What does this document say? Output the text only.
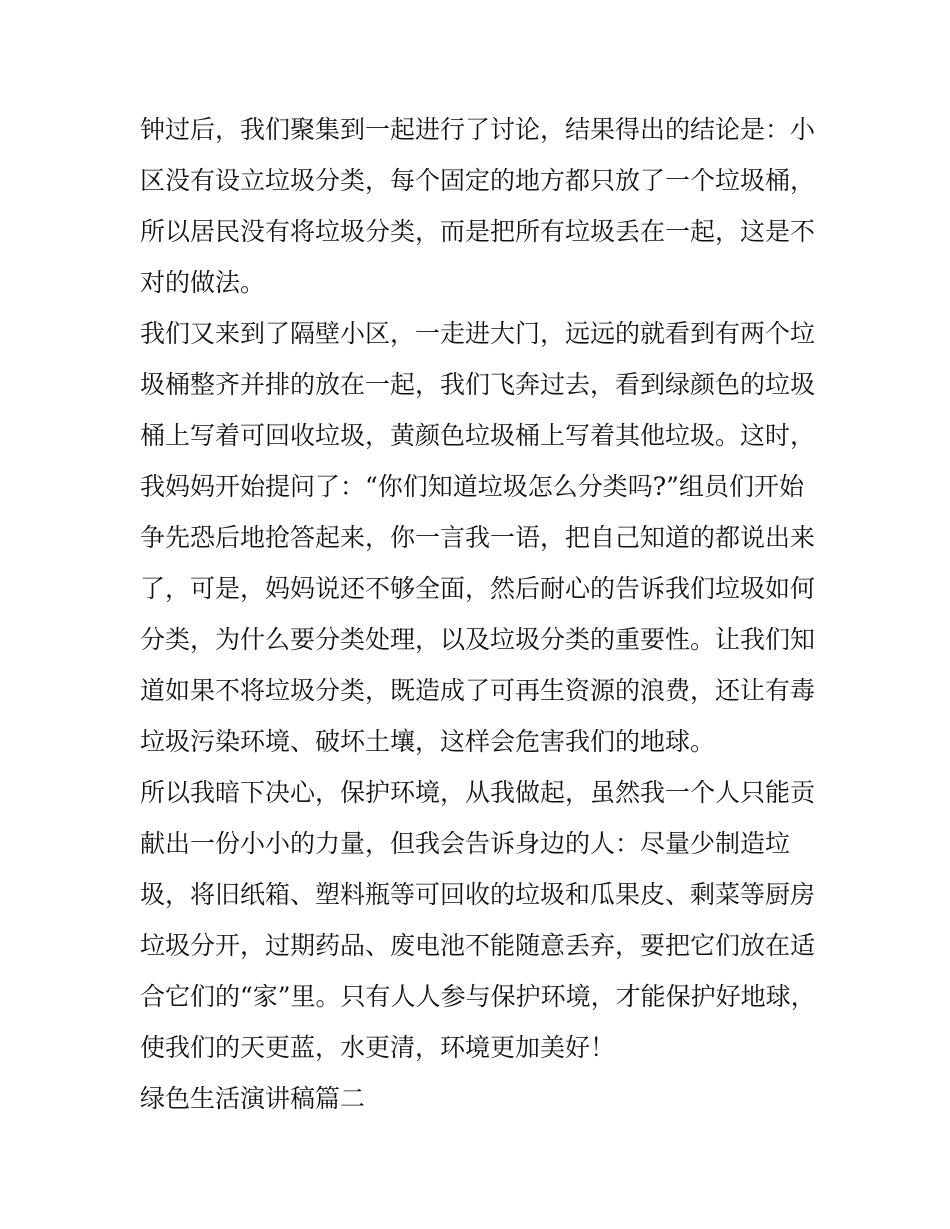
钟过后，我们聚集到一起进行了讨论，结果得出的结论是：小
区没有设立垃圾分类，每个固定的地方都只放了一个垃圾桶，
所以居民没有将垃圾分类，而是把所有垃圾丢在一起，这是不
对的做法。
我们又来到了隔壁小区，一走进大门，远远的就看到有两个垃
圾桶整齐并排的放在一起，我们飞奔过去，看到绿颜色的垃圾
桶上写着可回收垃圾，黄颜色垃圾桶上写着其他垃圾。这时，
我妈妈开始提问了：“你们知道垃圾怎么分类吗?”组员们开始
争先恐后地抢答起来，你一言我一语，把自己知道的都说出来
了，可是，妈妈说还不够全面，然后耐心的告诉我们垃圾如何
分类，为什么要分类处理，以及垃圾分类的重要性。让我们知
道如果不将垃圾分类，既造成了可再生资源的浪费，还让有毒
垃圾污染环境、破坏土壤，这样会危害我们的地球。
所以我暗下决心，保护环境，从我做起，虽然我一个人只能贡
献出一份小小的力量，但我会告诉身边的人：尽量少制造垃
圾，将旧纸箱、塑料瓶等可回收的垃圾和瓜果皮、剩菜等厨房
垃圾分开，过期药品、废电池不能随意丢弃，要把它们放在适
合它们的“家”里。只有人人参与保护环境，才能保护好地球，
使我们的天更蓝，水更清，环境更加美好！
绿色生活演讲稿篇二
